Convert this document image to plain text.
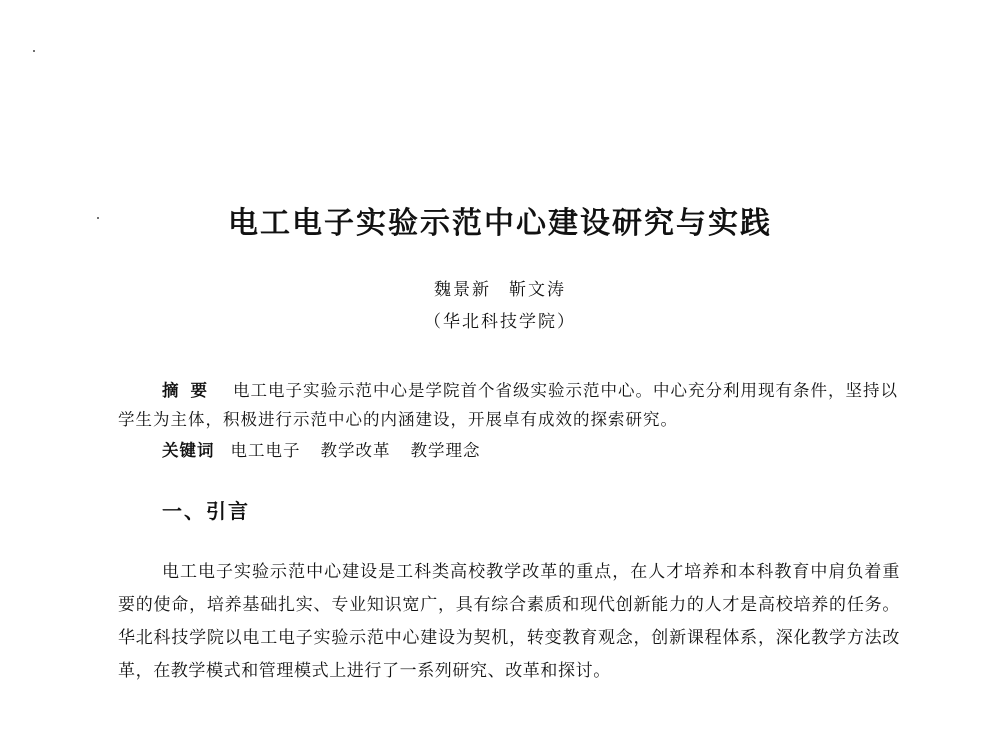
电工电子实验示范中心建设研究与实践
魏景新 靳文涛
（华北科技学院）
摘要 电工电子实验示范中心是学院首个省级实验示范中心。中心充分利用现有条件，坚持以学生为主体，积极进行示范中心的内涵建设，开展卓有成效的探索研究。
关键词 电工电子 教学改革 教学理念
一、引言
电工电子实验示范中心建设是工科类高校教学改革的重点，在人才培养和本科教育中肩负着重要的使命，培养基础扎实、专业知识宽广，具有综合素质和现代创新能力的人才是高校培养的任务。华北科技学院以电工电子实验示范中心建设为契机，转变教育观念，创新课程体系，深化教学方法改革，在教学模式和管理模式上进行了一系列研究、改革和探讨。
